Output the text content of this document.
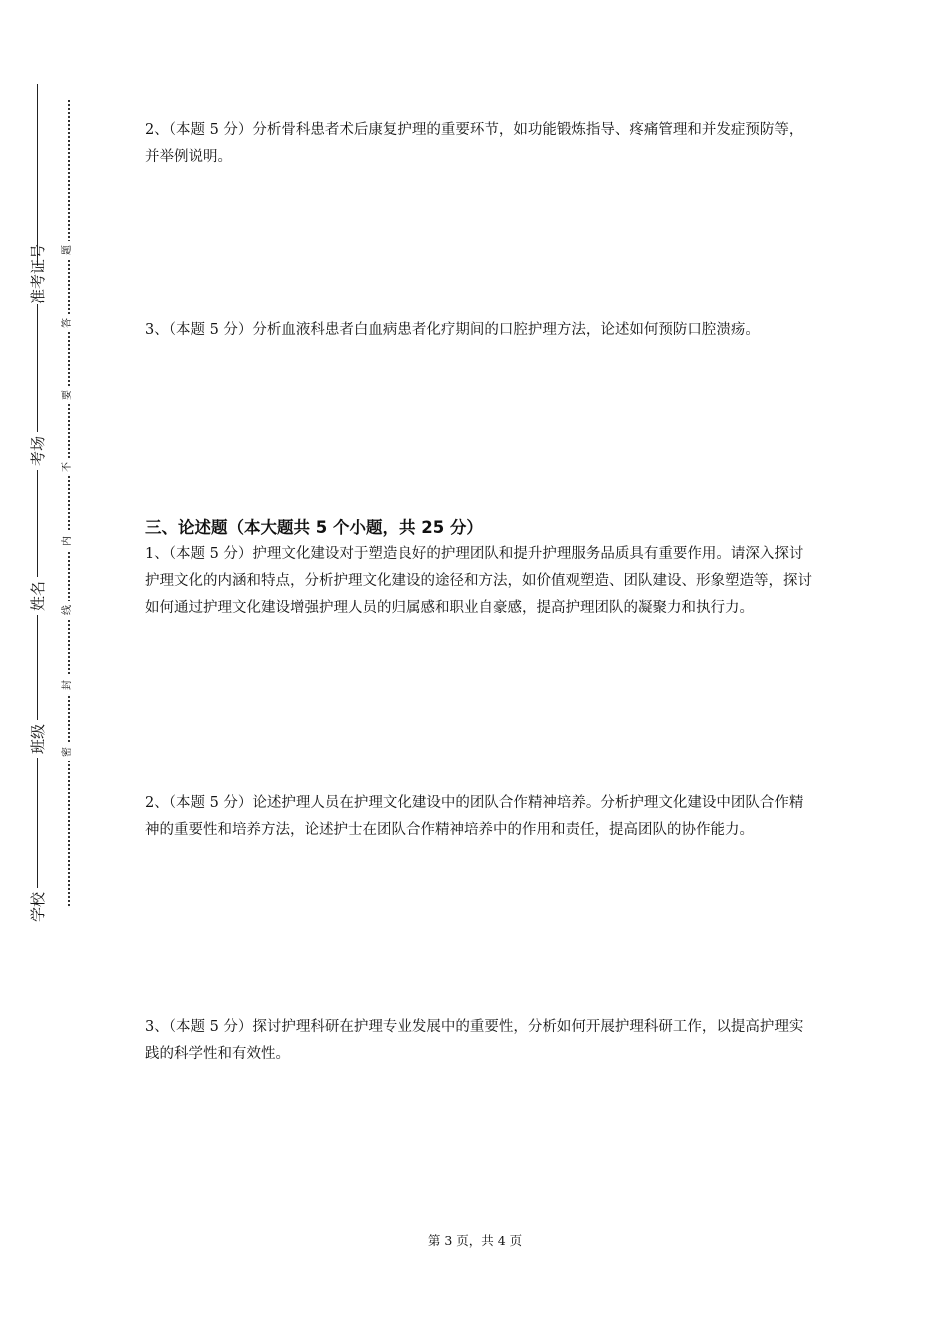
学校
班级
姓名
考场
准考证号
密
封
线
内
不
要
答
题

2、（本题 5 分）分析骨科患者术后康复护理的重要环节，如功能锻炼指导、疼痛管理和并发症预防等，并举例说明。

3、（本题 5 分）分析血液科患者白血病患者化疗期间的口腔护理方法，论述如何预防口腔溃疡。

三、论述题（本大题共 5 个小题，共 25 分）

1、（本题 5 分）护理文化建设对于塑造良好的护理团队和提升护理服务品质具有重要作用。请深入探讨护理文化的内涵和特点，分析护理文化建设的途径和方法，如价值观塑造、团队建设、形象塑造等，探讨如何通过护理文化建设增强护理人员的归属感和职业自豪感，提高护理团队的凝聚力和执行力。

2、（本题 5 分）论述护理人员在护理文化建设中的团队合作精神培养。分析护理文化建设中团队合作精神的重要性和培养方法，论述护士在团队合作精神培养中的作用和责任，提高团队的协作能力。

3、（本题 5 分）探讨护理科研在护理专业发展中的重要性，分析如何开展护理科研工作，以提高护理实践的科学性和有效性。

第 3 页，共 4 页
